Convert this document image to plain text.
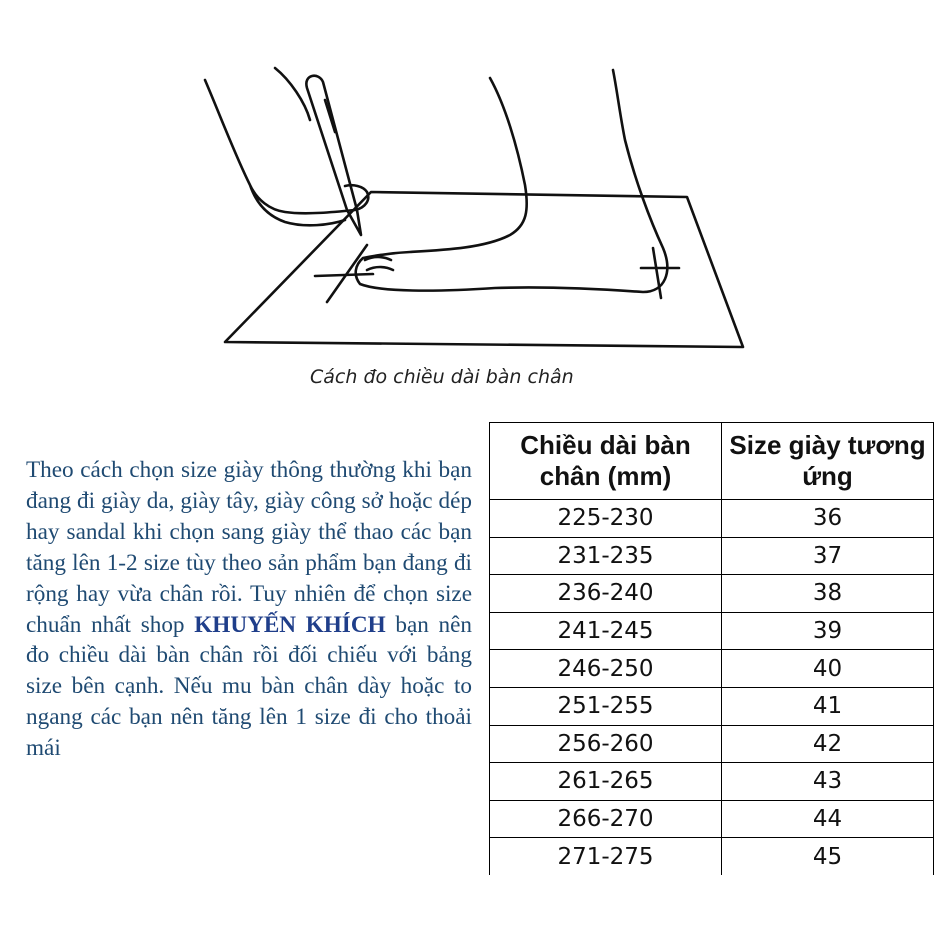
Cách đo chiều dài bàn chân
Theo cách chọn size giày thông thường khi bạn đang đi giày da, giày tây, giày công sở hoặc dép hay sandal khi chọn sang giày thể thao các bạn tăng lên 1-2 size tùy theo sản phẩm bạn đang đi rộng hay vừa chân rồi. Tuy nhiên để chọn size chuẩn nhất shop KHUYẾN KHÍCH bạn nên đo chiều dài bàn chân rồi đối chiếu với bảng size bên cạnh. Nếu mu bàn chân dày hoặc to ngang các bạn nên tăng lên 1 size đi cho thoải mái
Chiều dài bàn chân (mm)	Size giày tương ứng
225-230	36
231-235	37
236-240	38
241-245	39
246-250	40
251-255	41
256-260	42
261-265	43
266-270	44
271-275	45
